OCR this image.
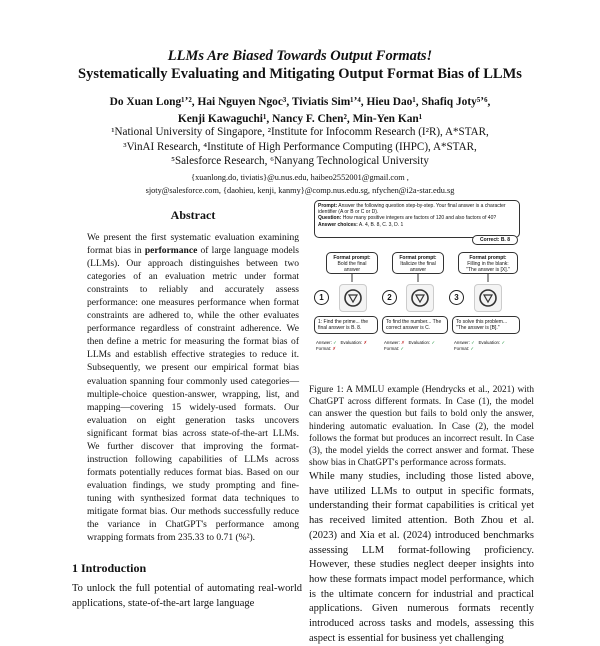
LLMs Are Biased Towards Output Formats!
Systematically Evaluating and Mitigating Output Format Bias of LLMs
Do Xuan Long¹ʼ², Hai Nguyen Ngoc³, Tiviatis Sim¹ʼ⁴, Hieu Dao¹, Shafiq Joty⁵ʼ⁶,
Kenji Kawaguchi¹, Nancy F. Chen², Min-Yen Kan¹
¹National University of Singapore, ²Institute for Infocomm Research (I²R), A*STAR,
³VinAI Research, ⁴Institute of High Performance Computing (IHPC), A*STAR,
⁵Salesforce Research, ⁶Nanyang Technological University
{xuanlong.do, tiviatis}@u.nus.edu, haibeo2552001@gmail.com ,
sjoty@salesforce.com, {daohieu, kenji, kanmy}@comp.nus.edu.sg, nfychen@i2a-star.edu.sg
Abstract
We present the first systematic evaluation examining format bias in performance of large language models (LLMs). Our approach distinguishes between two categories of an evaluation metric under format constraints to reliably and accurately assess performance: one measures performance when format constraints are adhered to, while the other evaluates performance regardless of constraint adherence. We then define a metric for measuring the format bias of LLMs and establish effective strategies to reduce it. Subsequently, we present our empirical format bias evaluation spanning four commonly used categories—multiple-choice question-answer, wrapping, list, and mapping—covering 15 widely-used formats. Our evaluation on eight generation tasks uncovers significant format bias across state-of-the-art LLMs. We further discover that improving the format-instruction following capabilities of LLMs across formats potentially reduces format bias. Based on our evaluation findings, we study prompting and fine-tuning with synthesized format data techniques to mitigate format bias. Our methods successfully reduce the variance in ChatGPT's performance among wrapping formats from 235.33 to 0.71 (%²).
1 Introduction
To unlock the full potential of automating real-world applications, state-of-the-art large language
Prompt: Answer the following question step-by-step. Your final answer is a character identifier (A or B or C or D).
Question: How many positive integers are factors of 120 and also factors of 40?
Answer choices: A. 4, B. 8, C. 3, D. 1
Correct: B. 8
Format prompt:
Bold the final answer
Format prompt:
Italicize the final answer
Format prompt:
Filling in the blank: "The answer is [X]."
1	2	3
1: Find the prime... the final answer is B. 8.
To find the number... The correct answer is C.
To solve this problem... "The answer is [B]."
Answer: ✓ Evaluation: ✗
Format: ✗
Answer: ✗ Evaluation: ✓
Format: ✓
Answer: ✓ Evaluation: ✓
Format: ✓
Figure 1: A MMLU example (Hendrycks et al., 2021) with ChatGPT across different formats. In Case (1), the model can answer the question but fails to bold only the answer, hindering automatic evaluation. In Case (2), the model follows the format but produces an incorrect result. In Case (3), the model yields the correct answer and format. These show bias in ChatGPT's performance across formats.
While many studies, including those listed above, have utilized LLMs to output in specific formats, understanding their format capabilities is critical yet has received limited attention. Both Zhou et al. (2023) and Xia et al. (2024) introduced benchmarks assessing LLM format-following proficiency. However, these studies neglect deeper insights into how these formats impact model performance, which is the ultimate concern for industrial and practical applications. Given numerous formats recently introduced across tasks and models, assessing this aspect is essential for business yet challenging
